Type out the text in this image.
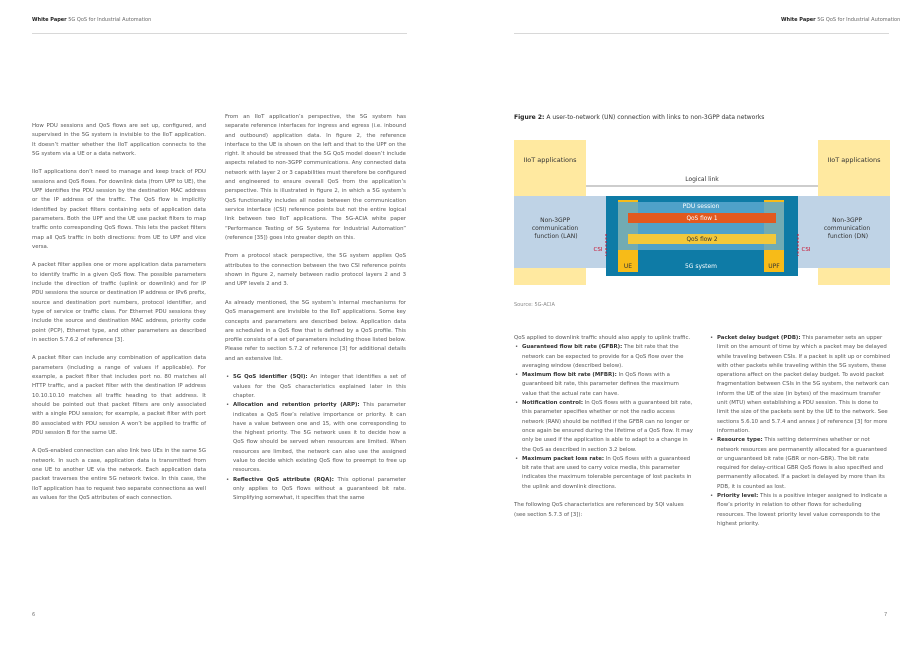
White Paper 5G QoS for Industrial Automation	White Paper 5G QoS for Industrial Automation

How PDU sessions and QoS flows are set up, configured, and supervised in the 5G system is invisible to the IIoT application. It doesn’t matter whether the IIoT application connects to the 5G system via a UE or a data network.

IIoT applications don’t need to manage and keep track of PDU sessions and QoS flows. For downlink data (from UPF to UE), the UPF identifies the PDU session by the destination MAC address or the IP address of the traffic. The QoS flow is implicitly identified by packet filters containing sets of application data parameters. Both the UPF and the UE use packet filters to map traffic onto corresponding QoS flows. This lets the packet filters map all QoS traffic in both directions: from UE to UPF and vice versa.

A packet filter applies one or more application data parameters to identify traffic in a given QoS flow. The possible parameters include the direction of traffic (uplink or downlink) and for IP PDU sessions the source or destination IP address or IPv6 prefix, source and destination port numbers, protocol identifier, and type of service or traffic class. For Ethernet PDU sessions they include the source and destination MAC address, priority code point (PCP), Ethernet type, and other parameters as described in section 5.7.6.2 of reference [3].

A packet filter can include any combination of application data parameters (including a range of values if applicable). For example, a packet filter that includes port no. 80 matches all HTTP traffic, and a packet filter with the destination IP address 10.10.10.10 matches all traffic heading to that address. It should be pointed out that packet filters are only associated with a single PDU session; for example, a packet filter with port 80 associated with PDU session A won’t be applied to traffic of PDU session B for the same UE.

A QoS-enabled connection can also link two UEs in the same 5G network. In such a case, application data is transmitted from one UE to another UE via the network. Each application data packet traverses the entire 5G network twice. In this case, the IIoT application has to request two separate connections as well as values for the QoS attributes of each connection.

From an IIoT application’s perspective, the 5G system has separate reference interfaces for ingress and egress (i.e. inbound and outbound) application data. In figure 2, the reference interface to the UE is shown on the left and that to the UPF on the right. It should be stressed that the 5G QoS model doesn’t include aspects related to non-3GPP communications. Any connected data network with layer 2 or 3 capabilities must therefore be configured and engineered to ensure overall QoS from the application’s perspective. This is illustrated in figure 2, in which a 5G system’s QoS functionality includes all nodes between the communication service interface (CSI) reference points but not the entire logical link between two IIoT applications. The 5G-ACIA white paper “Performance Testing of 5G Systems for Industrial Automation” (reference [35]) goes into greater depth on this.

From a protocol stack perspective, the 5G system applies QoS attributes to the connection between the two CSI reference points shown in figure 2, namely between radio protocol layers 2 and 3 and UPF levels 2 and 3.

As already mentioned, the 5G system’s internal mechanisms for QoS management are invisible to the IIoT applications. Some key concepts and parameters are described below. Application data are scheduled in a QoS flow that is defined by a QoS profile. This profile consists of a set of parameters including those listed below. Please refer to section 5.7.2 of reference [3] for additional details and an extensive list.

• 5G QoS identifier (5QI): An integer that identifies a set of values for the QoS characteristics explained later in this chapter.
• Allocation and retention priority (ARP): This parameter indicates a QoS flow’s relative importance or priority. It can have a value between one and 15, with one corresponding to the highest priority. The 5G network uses it to decide how a QoS flow should be served when resources are limited. When resources are limited, the network can also use the assigned value to decide which existing QoS flow to preempt to free up resources.
• Reflective QoS attribute (RQA): This optional parameter only applies to QoS flows without a guaranteed bit rate. Simplifying somewhat, it specifies that the same
6
Figure 2: A user-to-network (UN) connection with links to non-3GPP data networks
IIoT applications	IIoT applications
Logical link
Non-3GPP communication function (LAN)
Non-3GPP communication function (DN)
PDU session
QoS flow 1
QoS flow 2
UE	UPF
5G system
CSI	CSI
Source: 5G-ACIA

QoS applied to downlink traffic should also apply to uplink traffic.

• Guaranteed flow bit rate (GFBR): The bit rate that the network can be expected to provide for a QoS flow over the averaging window (described below).
• Maximum flow bit rate (MFBR): In QoS flows with a guaranteed bit rate, this parameter defines the maximum value that the actual rate can have.
• Notification control: In QoS flows with a guaranteed bit rate, this parameter specifies whether or not the radio access network (RAN) should be notified if the GFBR can no longer or once again be ensured during the lifetime of a QoS flow. It may only be used if the application is able to adapt to a change in the QoS as described in section 3.2 below.
• Maximum packet loss rate: In QoS flows with a guaranteed bit rate that are used to carry voice media, this parameter indicates the maximum tolerable percentage of lost packets in the uplink and downlink directions.

The following QoS characteristics are referenced by 5QI values (see section 5.7.3 of [3]):

• Packet delay budget (PDB): This parameter sets an upper limit on the amount of time by which a packet may be delayed while traveling between CSIs. If a packet is split up or combined with other packets while traveling within the 5G system, these operations affect on the packet delay budget. To avoid packet fragmentation between CSIs in the 5G system, the network can inform the UE of the size (in bytes) of the maximum transfer unit (MTU) when establishing a PDU session. This is done to limit the size of the packets sent by the UE to the network. See sections 5.6.10 and 5.7.4 and annex J of reference [3] for more information.
• Resource type: This setting determines whether or not network resources are permanently allocated for a guaranteed or unguaranteed bit rate (GBR or non-GBR). The bit rate required for delay-critical GBR QoS flows is also specified and permanently allocated. If a packet is delayed by more than its PDB, it is counted as lost.
• Priority level: This is a positive integer assigned to indicate a flow’s priority in relation to other flows for scheduling resources. The lowest priority level value corresponds to the highest priority.
7
